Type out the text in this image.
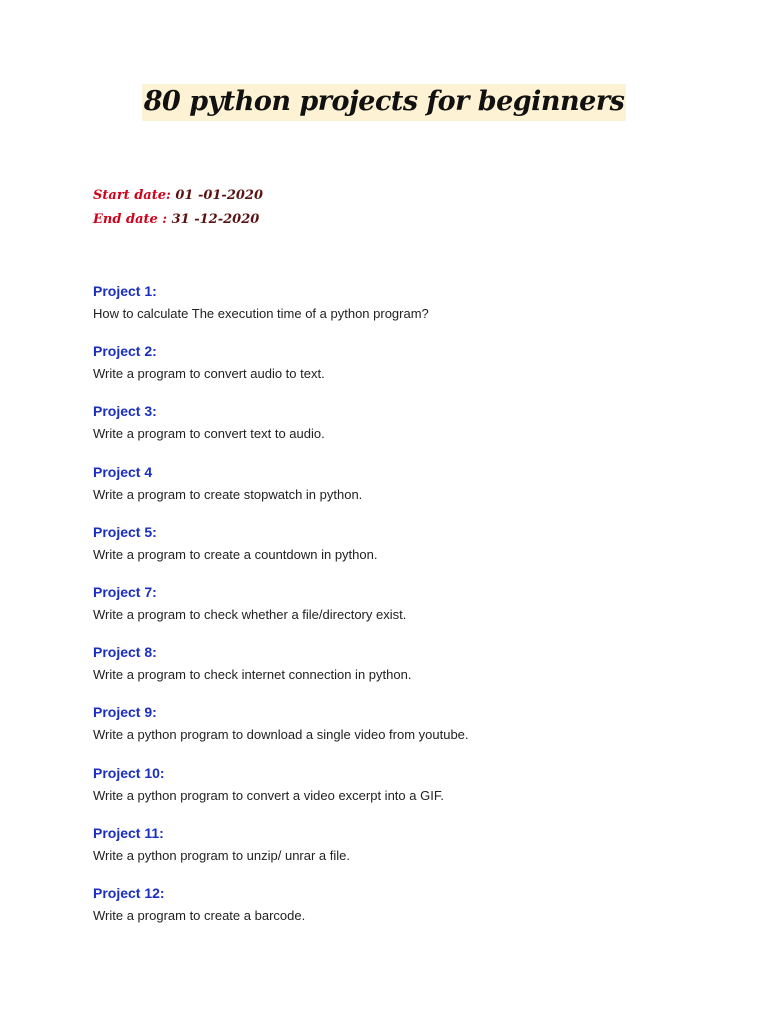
80 python projects for beginners
Start date: 01 -01-2020
End date : 31 -12-2020
Project 1:
How to calculate The execution time of a python program?
Project 2:
Write a program to convert audio to text.
Project 3:
Write a program to convert text to audio.
Project 4
Write a program to create stopwatch in python.
Project 5:
Write a program to create a countdown in python.
Project 7:
Write a program to check whether a file/directory exist.
Project 8:
Write a program to check internet connection in python.
Project 9:
Write a python program to download a single video from youtube.
Project 10:
Write a python program to convert a video excerpt into a GIF.
Project 11:
Write a python program to unzip/ unrar a file.
Project 12:
Write a program to create a barcode.
